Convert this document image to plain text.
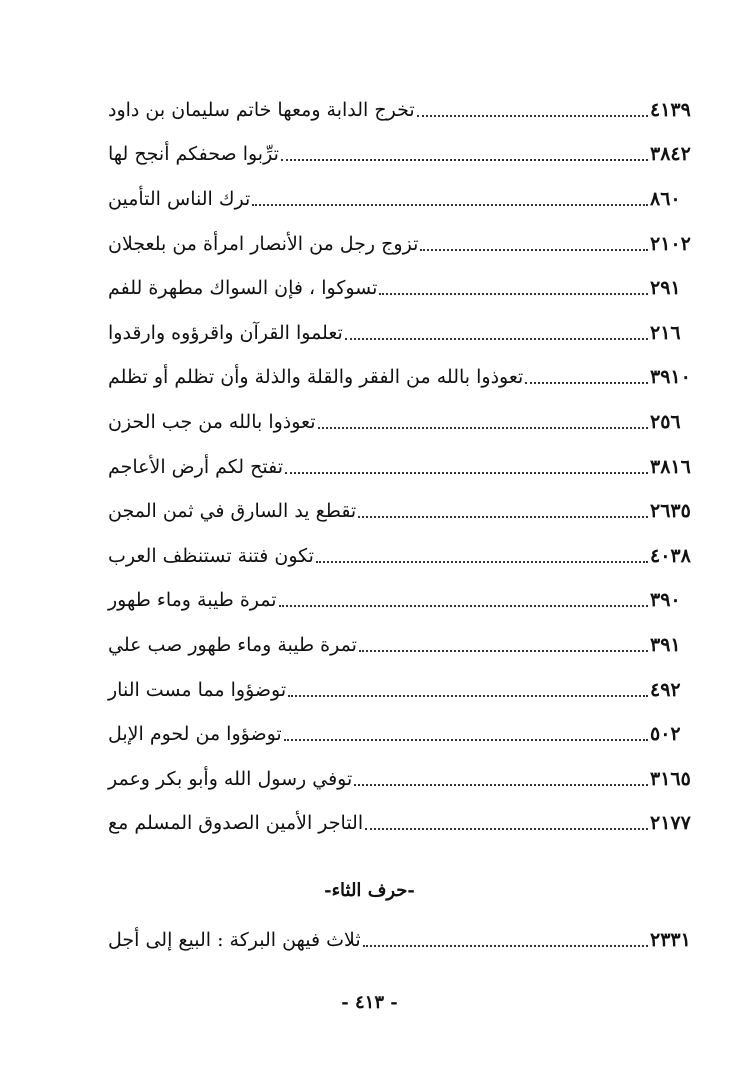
تخرج الدابة ومعها خاتم سليمان بن داود	٤١٣٩
ترِّبوا صحفكم أنجح لها	٣٨٤٢
ترك الناس التأمين	٨٦٠
تزوج رجل من الأنصار امرأة من بلعجلان	٢١٠٢
تسوكوا ، فإن السواك مطهرة للفم	٢٩١
تعلموا القرآن واقرؤوه وارقدوا	٢١٦
تعوذوا بالله من الفقر والقلة والذلة وأن تظلم أو تظلم	٣٩١٠
تعوذوا بالله من جب الحزن	٢٥٦
تفتح لكم أرض الأعاجم	٣٨١٦
تقطع يد السارق في ثمن المجن	٢٦٣٥
تكون فتنة تستنظف العرب	٤٠٣٨
تمرة طيبة وماء طهور	٣٩٠
تمرة طيبة وماء طهور صب علي	٣٩١
توضؤوا مما مست النار	٤٩٢
توضؤوا من لحوم الإبل	٥٠٢
توفي رسول الله وأبو بكر وعمر	٣١٦٥
التاجر الأمين الصدوق المسلم مع	٢١٧٧
-حرف الثاء-
ثلاث فيهن البركة : البيع إلى أجل	٢٣٣١
- ٤١٣ -
